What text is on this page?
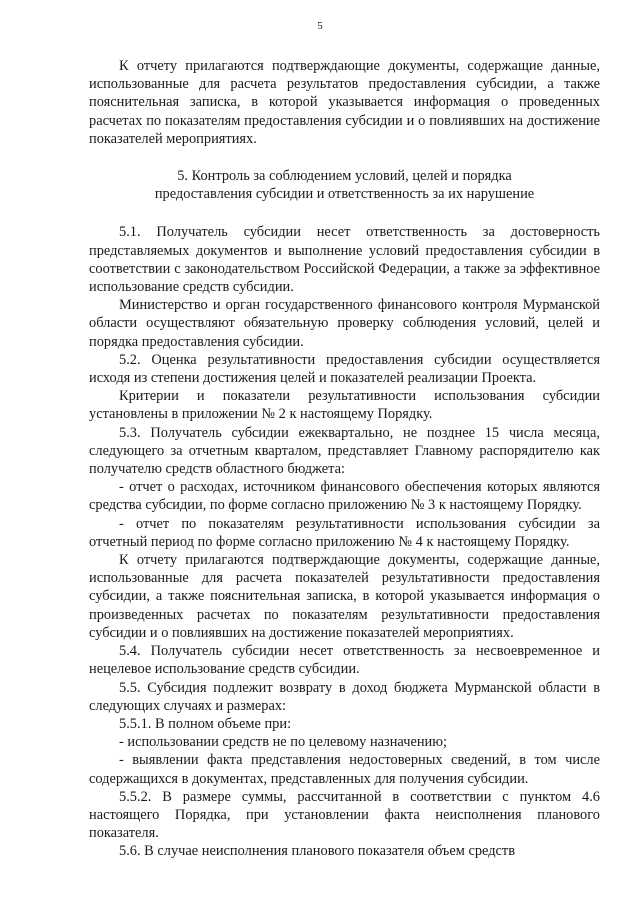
5

К отчету прилагаются подтверждающие документы, содержащие данные, использованные для расчета результатов предоставления субсидии, а также пояснительная записка, в которой указывается информация о проведенных расчетах по показателям предоставления субсидии и о повлиявших на достижение показателей мероприятиях.

5. Контроль за соблюдением условий, целей и порядка
предоставления субсидии и ответственность за их нарушение

5.1. Получатель субсидии несет ответственность за достоверность представляемых документов и выполнение условий предоставления субсидии в соответствии с законодательством Российской Федерации, а также за эффективное использование средств субсидии.

Министерство и орган государственного финансового контроля Мурманской области осуществляют обязательную проверку соблюдения условий, целей и порядка предоставления субсидии.

5.2. Оценка результативности предоставления субсидии осуществляется исходя из степени достижения целей и показателей реализации Проекта.

Критерии и показатели результативности использования субсидии установлены в приложении № 2 к настоящему Порядку.

5.3. Получатель субсидии ежеквартально, не позднее 15 числа месяца, следующего за отчетным кварталом, представляет Главному распорядителю как получателю средств областного бюджета:

- отчет о расходах, источником финансового обеспечения которых являются средства субсидии, по форме согласно приложению № 3 к настоящему Порядку.

- отчет по показателям результативности использования субсидии за отчетный период по форме согласно приложению № 4 к настоящему Порядку.

К отчету прилагаются подтверждающие документы, содержащие данные, использованные для расчета показателей результативности предоставления субсидии, а также пояснительная записка, в которой указывается информация о произведенных расчетах по показателям результативности предоставления субсидии и о повлиявших на достижение показателей мероприятиях.

5.4. Получатель субсидии несет ответственность за несвоевременное и нецелевое использование средств субсидии.

5.5. Субсидия подлежит возврату в доход бюджета Мурманской области в следующих случаях и размерах:

5.5.1. В полном объеме при:

- использовании средств не по целевому назначению;

- выявлении факта представления недостоверных сведений, в том числе содержащихся в документах, представленных для получения субсидии.

5.5.2. В размере суммы, рассчитанной в соответствии с пунктом 4.6 настоящего Порядка, при установлении факта неисполнения планового показателя.

5.6. В случае неисполнения планового показателя объем средств
